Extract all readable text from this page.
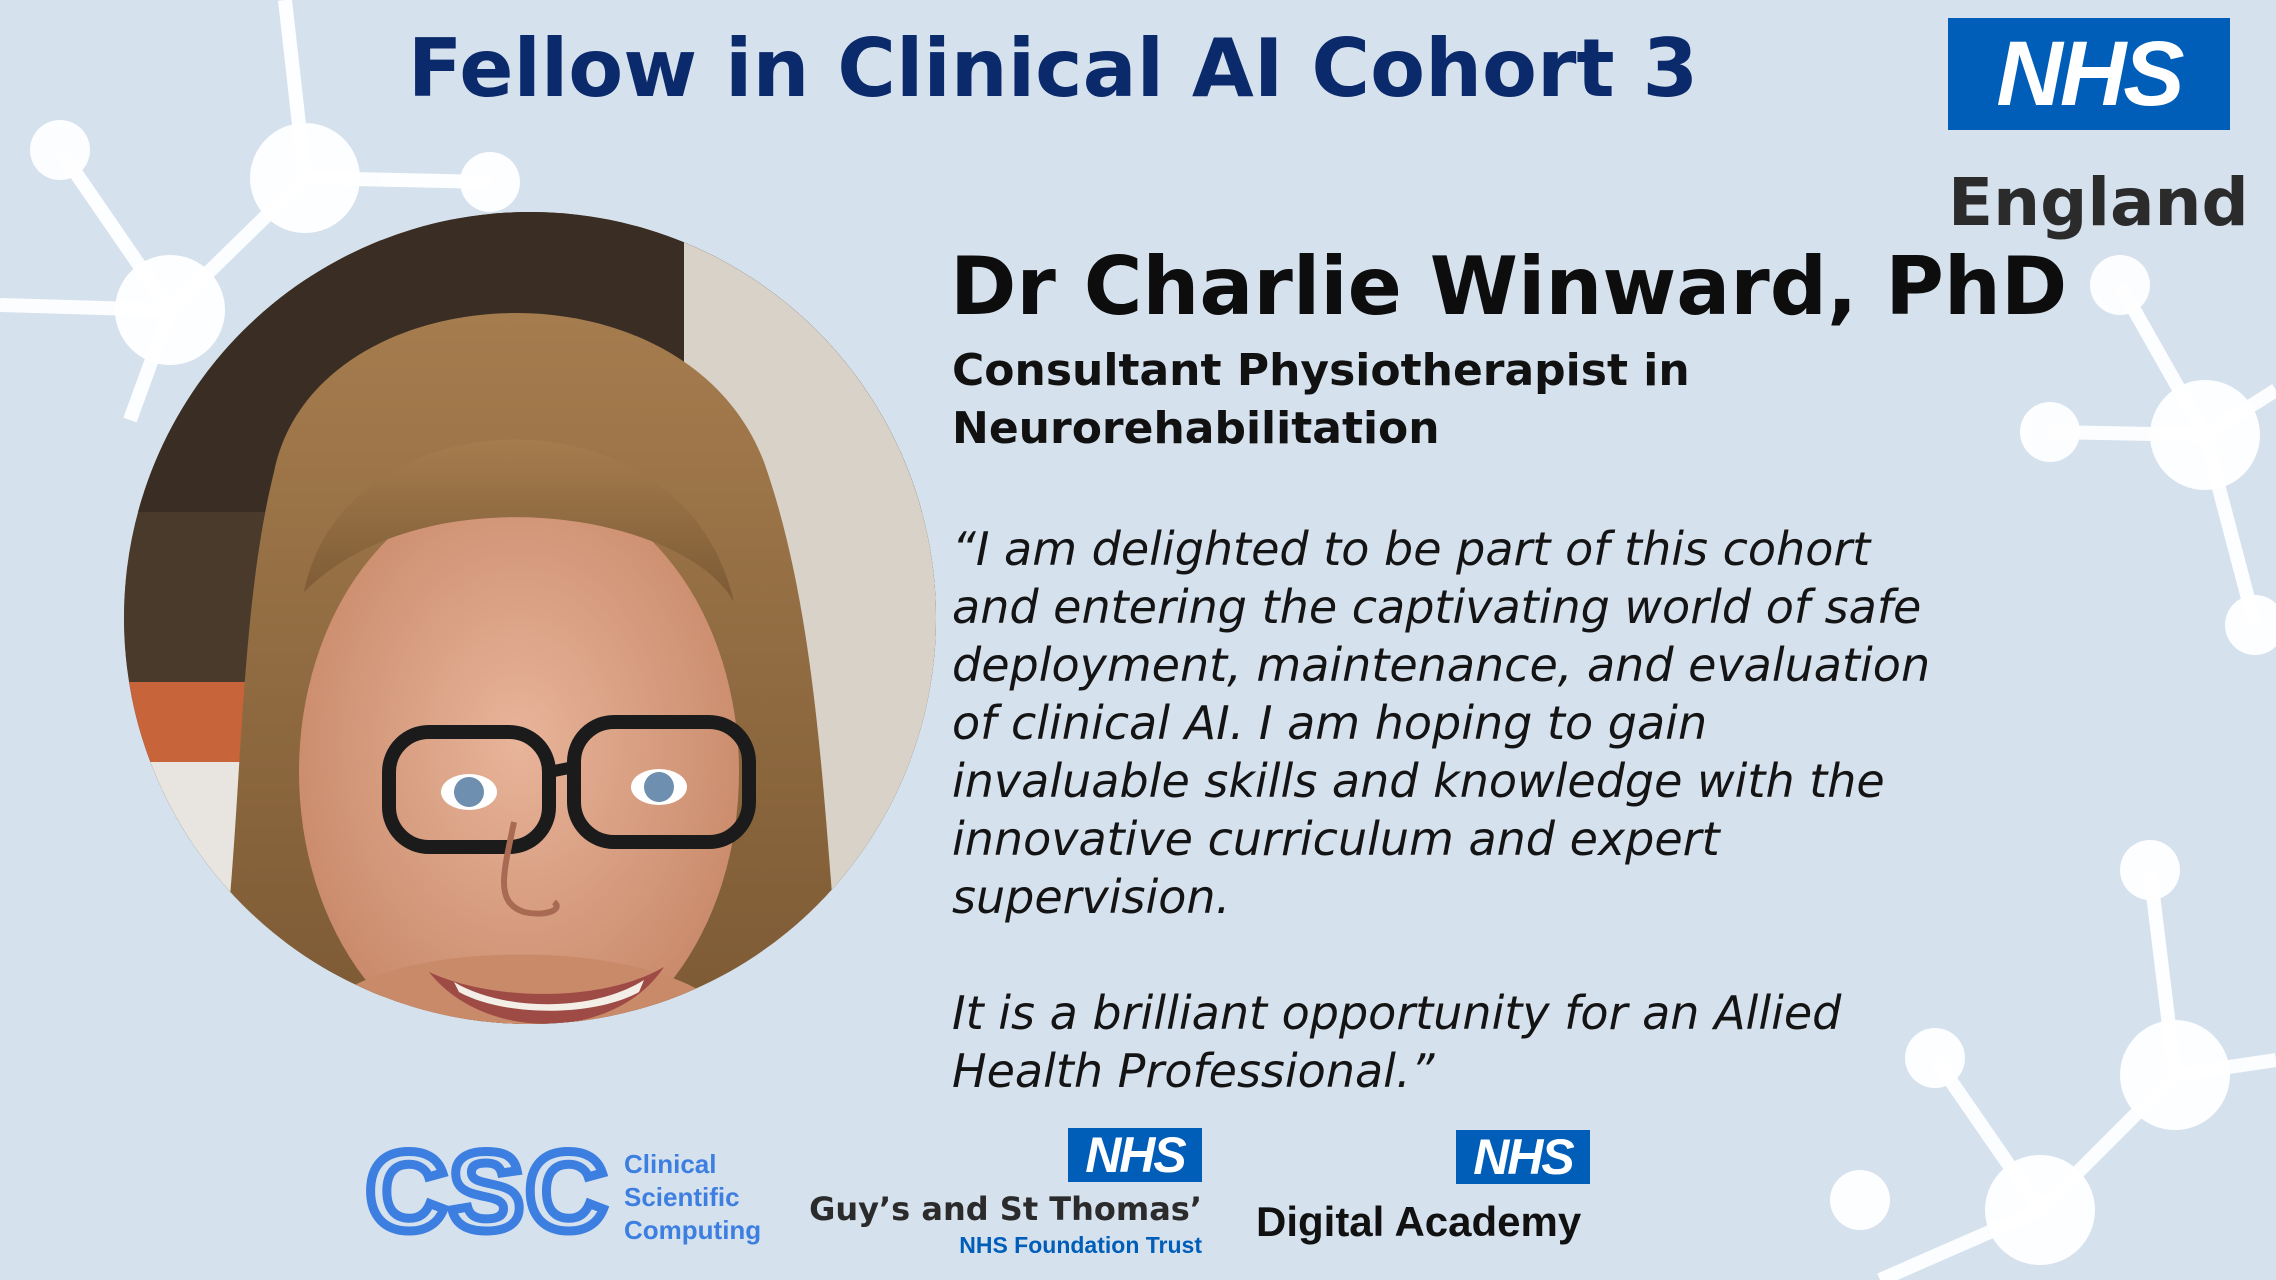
Fellow in Clinical AI Cohort 3	NHS
England
Dr Charlie Winward, PhD
Consultant Physiotherapist in
Neurorehabilitation

“I am delighted to be part of this cohort and entering the captivating world of safe deployment, maintenance, and evaluation of clinical AI. I am hoping to gain invaluable skills and knowledge with the innovative curriculum and expert supervision.

It is a brilliant opportunity for an Allied Health Professional.”

CSC Clinical
Scientific
Computing
NHS
Guy’s and St Thomas’
NHS Foundation Trust
NHS
Digital Academy
